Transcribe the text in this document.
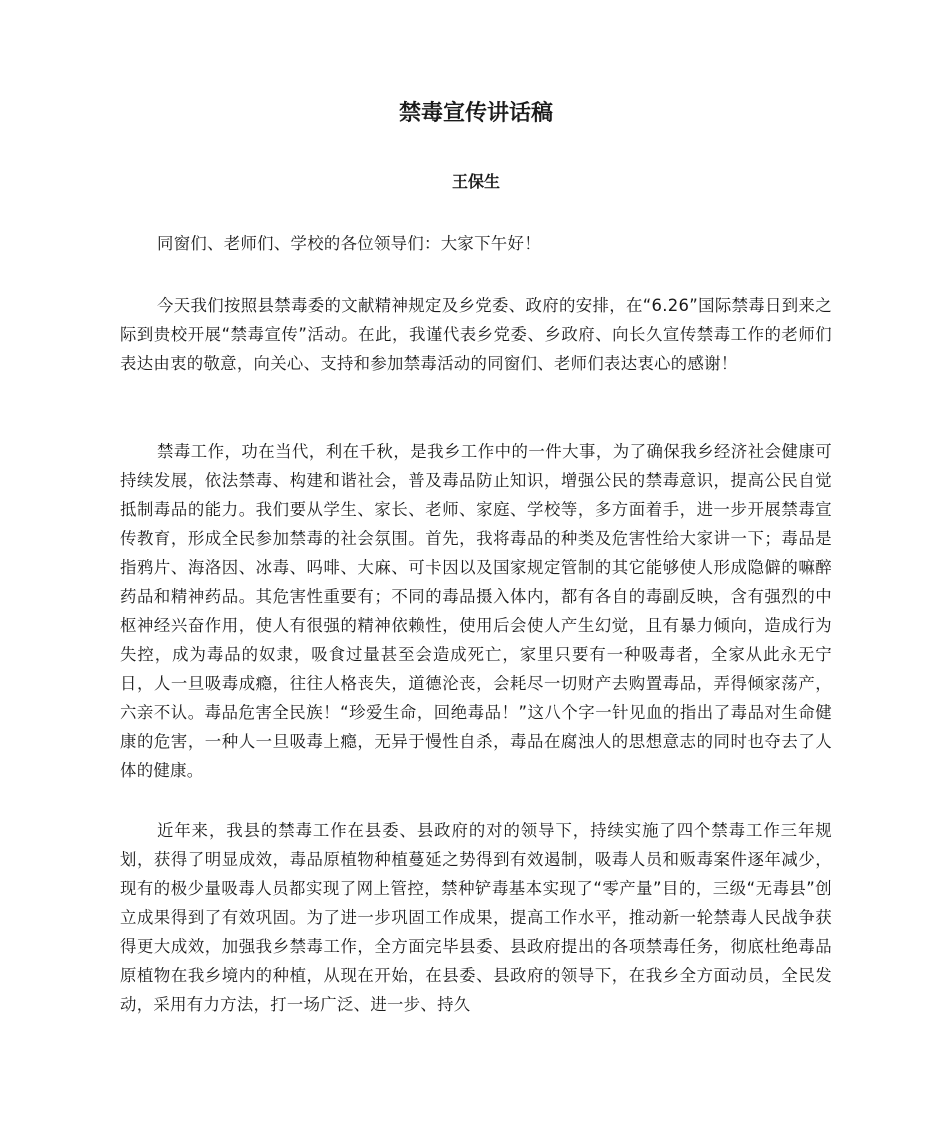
禁毒宣传讲话稿
王保生

同窗们、老师们、学校的各位领导们：大家下午好！

今天我们按照县禁毒委的文献精神规定及乡党委、政府的安排，在“6.26”国际禁毒日到来之际到贵校开展“禁毒宣传”活动。在此，我谨代表乡党委、乡政府、向长久宣传禁毒工作的老师们表达由衷的敬意，向关心、支持和参加禁毒活动的同窗们、老师们表达衷心的感谢！

禁毒工作，功在当代，利在千秋，是我乡工作中的一件大事，为了确保我乡经济社会健康可持续发展，依法禁毒、构建和谐社会，普及毒品防止知识，增强公民的禁毒意识，提高公民自觉抵制毒品的能力。我们要从学生、家长、老师、家庭、学校等，多方面着手，进一步开展禁毒宣传教育，形成全民参加禁毒的社会氛围。首先，我将毒品的种类及危害性给大家讲一下；毒品是指鸦片、海洛因、冰毒、吗啡、大麻、可卡因以及国家规定管制的其它能够使人形成隐僻的嘛醉药品和精神药品。其危害性重要有；不同的毒品摄入体内，都有各自的毒副反映，含有强烈的中枢神经兴奋作用，使人有很强的精神依赖性，使用后会使人产生幻觉，且有暴力倾向，造成行为失控，成为毒品的奴隶，吸食过量甚至会造成死亡，家里只要有一种吸毒者，全家从此永无宁日，人一旦吸毒成瘾，往往人格丧失，道德沦丧，会耗尽一切财产去购置毒品，弄得倾家荡产，六亲不认。毒品危害全民族！“珍爱生命，回绝毒品！”这八个字一针见血的指出了毒品对生命健康的危害，一种人一旦吸毒上瘾，无异于慢性自杀，毒品在腐浊人的思想意志的同时也夺去了人体的健康。

近年来，我县的禁毒工作在县委、县政府的对的领导下，持续实施了四个禁毒工作三年规划，获得了明显成效，毒品原植物种植蔓延之势得到有效遏制，吸毒人员和贩毒案件逐年减少，现有的极少量吸毒人员都实现了网上管控，禁种铲毒基本实现了“零产量”目的，三级“无毒县”创立成果得到了有效巩固。为了进一步巩固工作成果，提高工作水平，推动新一轮禁毒人民战争获得更大成效，加强我乡禁毒工作，全方面完毕县委、县政府提出的各项禁毒任务，彻底杜绝毒品原植物在我乡境内的种植，从现在开始，在县委、县政府的领导下，在我乡全方面动员，全民发动，采用有力方法，打一场广泛、进一步、持久
